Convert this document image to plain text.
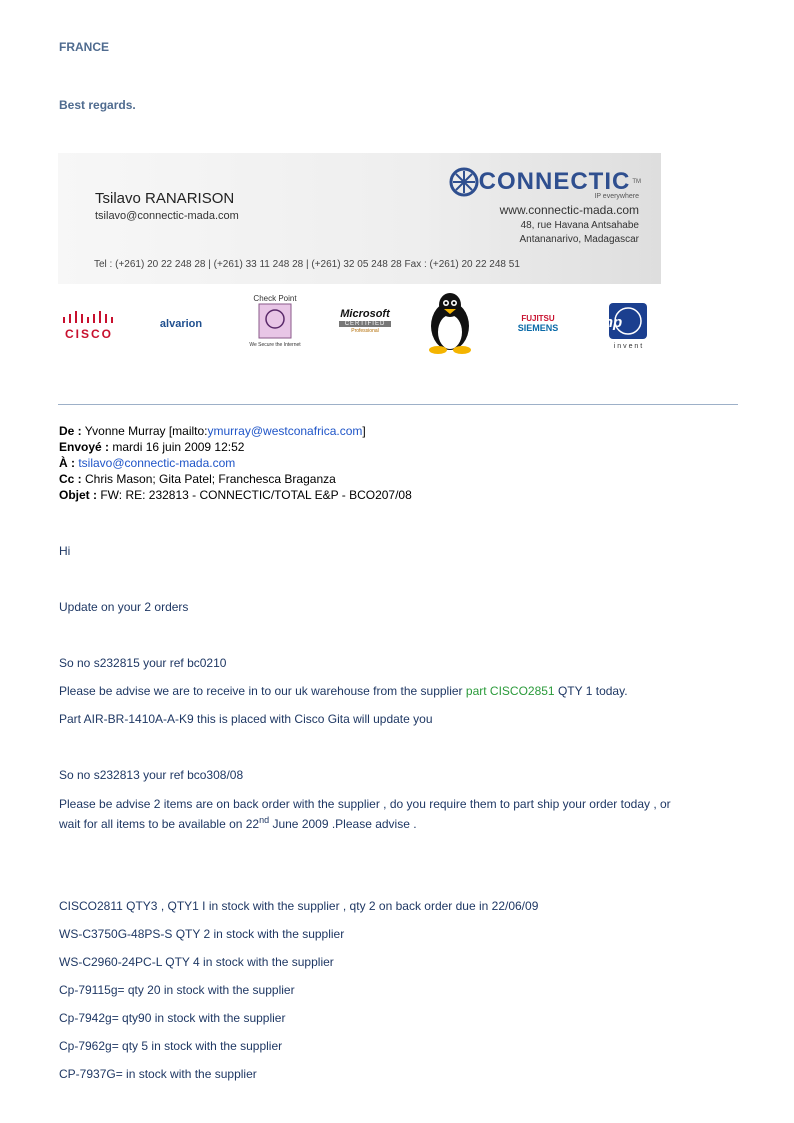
FRANCE
Best regards.
Tsilavo RANARISON
tsilavo@connectic-mada.com
CONNECTIC TM
IP everywhere
www.connectic-mada.com
48, rue Havana Antsahabe
Antananarivo, Madagascar
Tel : (+261) 20 22 248 28 | (+261) 33 11 248 28 | (+261) 32 05 248 28 Fax : (+261) 20 22 248 51
CISCO
alvarion
Check Point
We Secure the Internet
Microsoft
CERTIFIED
Professional
FUJITSU
SIEMENS	hp
i n v e n t
De : Yvonne Murray [mailto:ymurray@westconafrica.com]
Envoyé : mardi 16 juin 2009 12:52
À : tsilavo@connectic-mada.com
Cc : Chris Mason; Gita Patel; Franchesca Braganza
Objet : FW: RE: 232813 - CONNECTIC/TOTAL E&P - BCO207/08
Hi
Update on your 2 orders
So no s232815 your ref bc0210
Please be advise we are to receive in to our uk warehouse from the supplier part CISCO2851 QTY 1 today.
Part AIR-BR-1410A-A-K9 this is placed with Cisco Gita will update you
So no s232813 your ref bco308/08
Please be advise 2 items are on back order with the supplier , do you require them to part ship your order today , or
wait for all items to be available on 22nd June 2009 .Please advise .
CISCO2811 QTY3 , QTY1 I in stock with the supplier , qty 2 on back order due in 22/06/09
WS-C3750G-48PS-S QTY 2 in stock with the supplier
WS-C2960-24PC-L QTY 4 in stock with the supplier
Cp-79115g= qty 20 in stock with the supplier
Cp-7942g= qty90 in stock with the supplier
Cp-7962g= qty 5 in stock with the supplier
CP-7937G= in stock with the supplier
